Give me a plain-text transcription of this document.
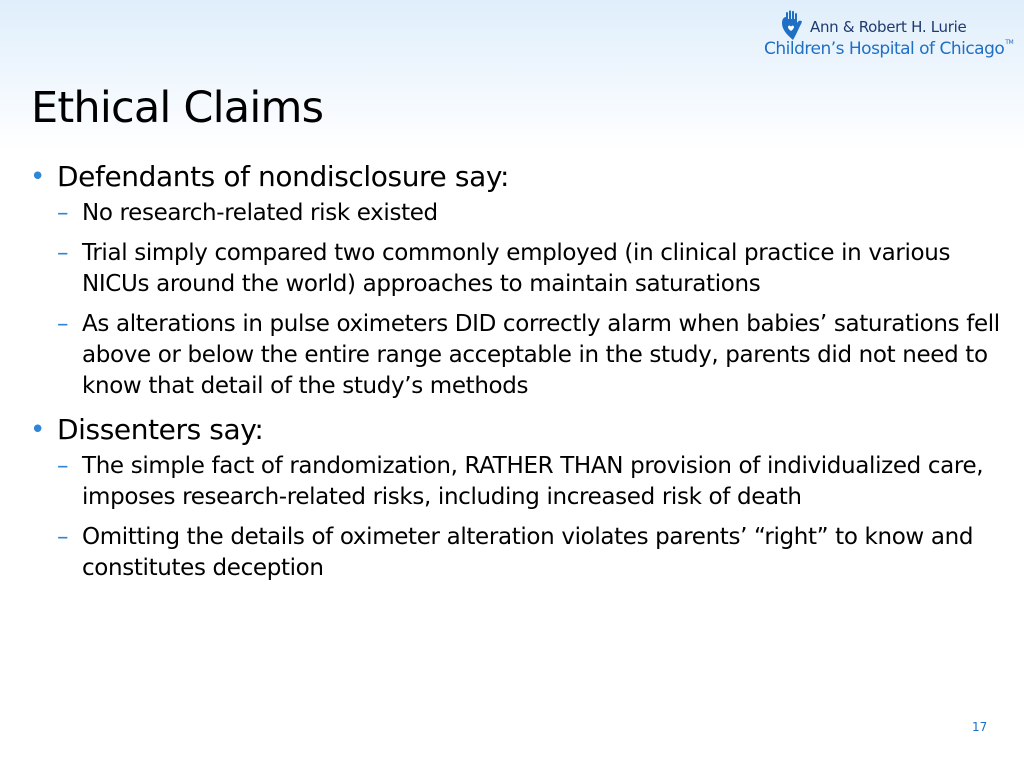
Ann & Robert H. Lurie
Children’s Hospital of Chicago™
Ethical Claims
• Defendants of nondisclosure say:
– No research-related risk existed
– Trial simply compared two commonly employed (in clinical practice in various NICUs around the world) approaches to maintain saturations
– As alterations in pulse oximeters DID correctly alarm when babies’ saturations fell above or below the entire range acceptable in the study, parents did not need to know that detail of the study’s methods
• Dissenters say:
– The simple fact of randomization, RATHER THAN provision of individualized care, imposes research-related risks, including increased risk of death
– Omitting the details of oximeter alteration violates parents’ “right” to know and constitutes deception
17
